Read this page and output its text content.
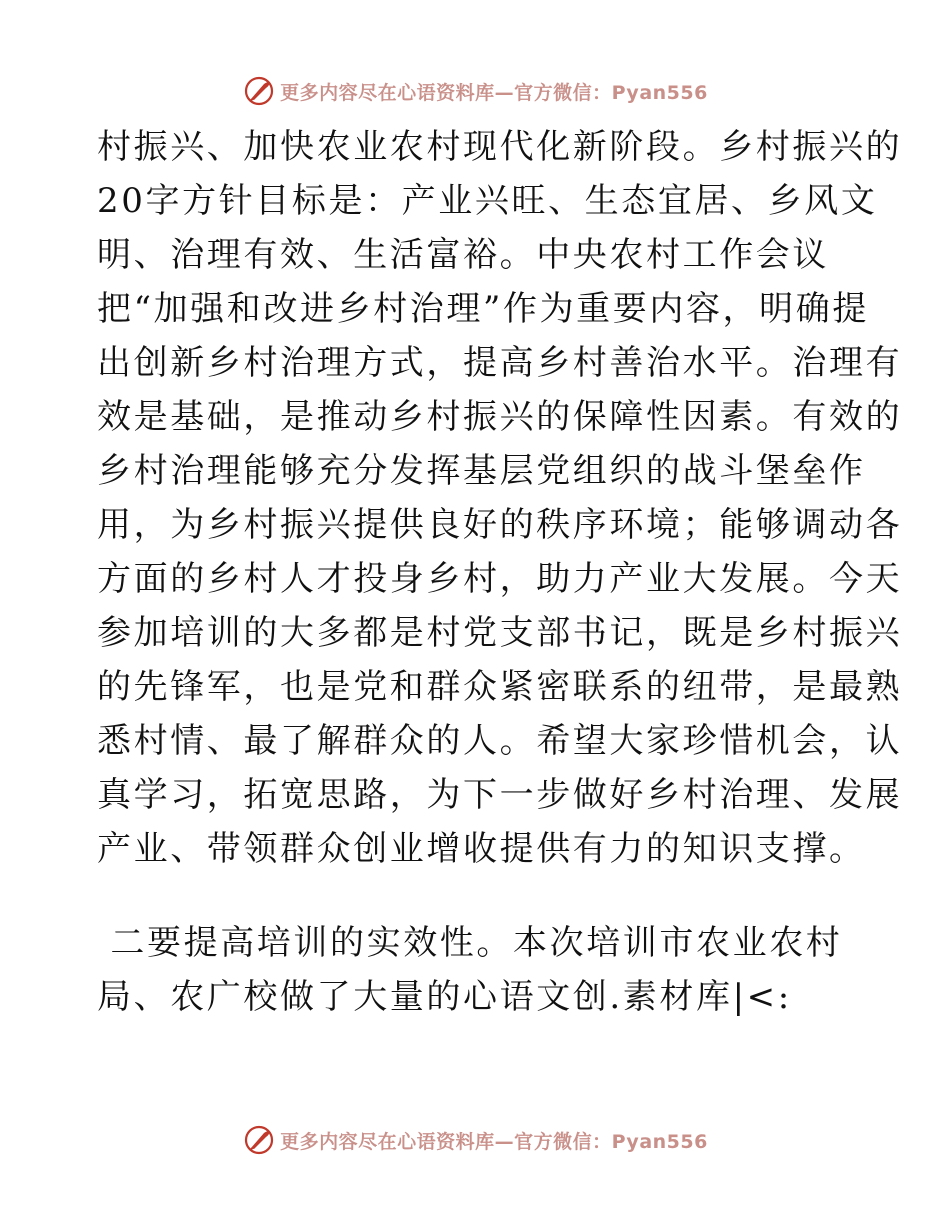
更多内容尽在心语资料库—官方微信：Pyan556
村振兴、加快农业农村现代化新阶段。乡村振兴的
20字方针目标是：产业兴旺、生态宜居、乡风文
明、治理有效、生活富裕。中央农村工作会议
把“加强和改进乡村治理”作为重要内容，明确提
出创新乡村治理方式，提高乡村善治水平。治理有
效是基础，是推动乡村振兴的保障性因素。有效的
乡村治理能够充分发挥基层党组织的战斗堡垒作
用，为乡村振兴提供良好的秩序环境；能够调动各
方面的乡村人才投身乡村，助力产业大发展。今天
参加培训的大多都是村党支部书记，既是乡村振兴
的先锋军，也是党和群众紧密联系的纽带，是最熟
悉村情、最了解群众的人。希望大家珍惜机会，认
真学习，拓宽思路，为下一步做好乡村治理、发展
产业、带领群众创业增收提供有力的知识支撑。
二要提高培训的实效性。本次培训市农业农村
局、农广校做了大量的心语文创.素材库|<:
更多内容尽在心语资料库—官方微信：Pyan556
